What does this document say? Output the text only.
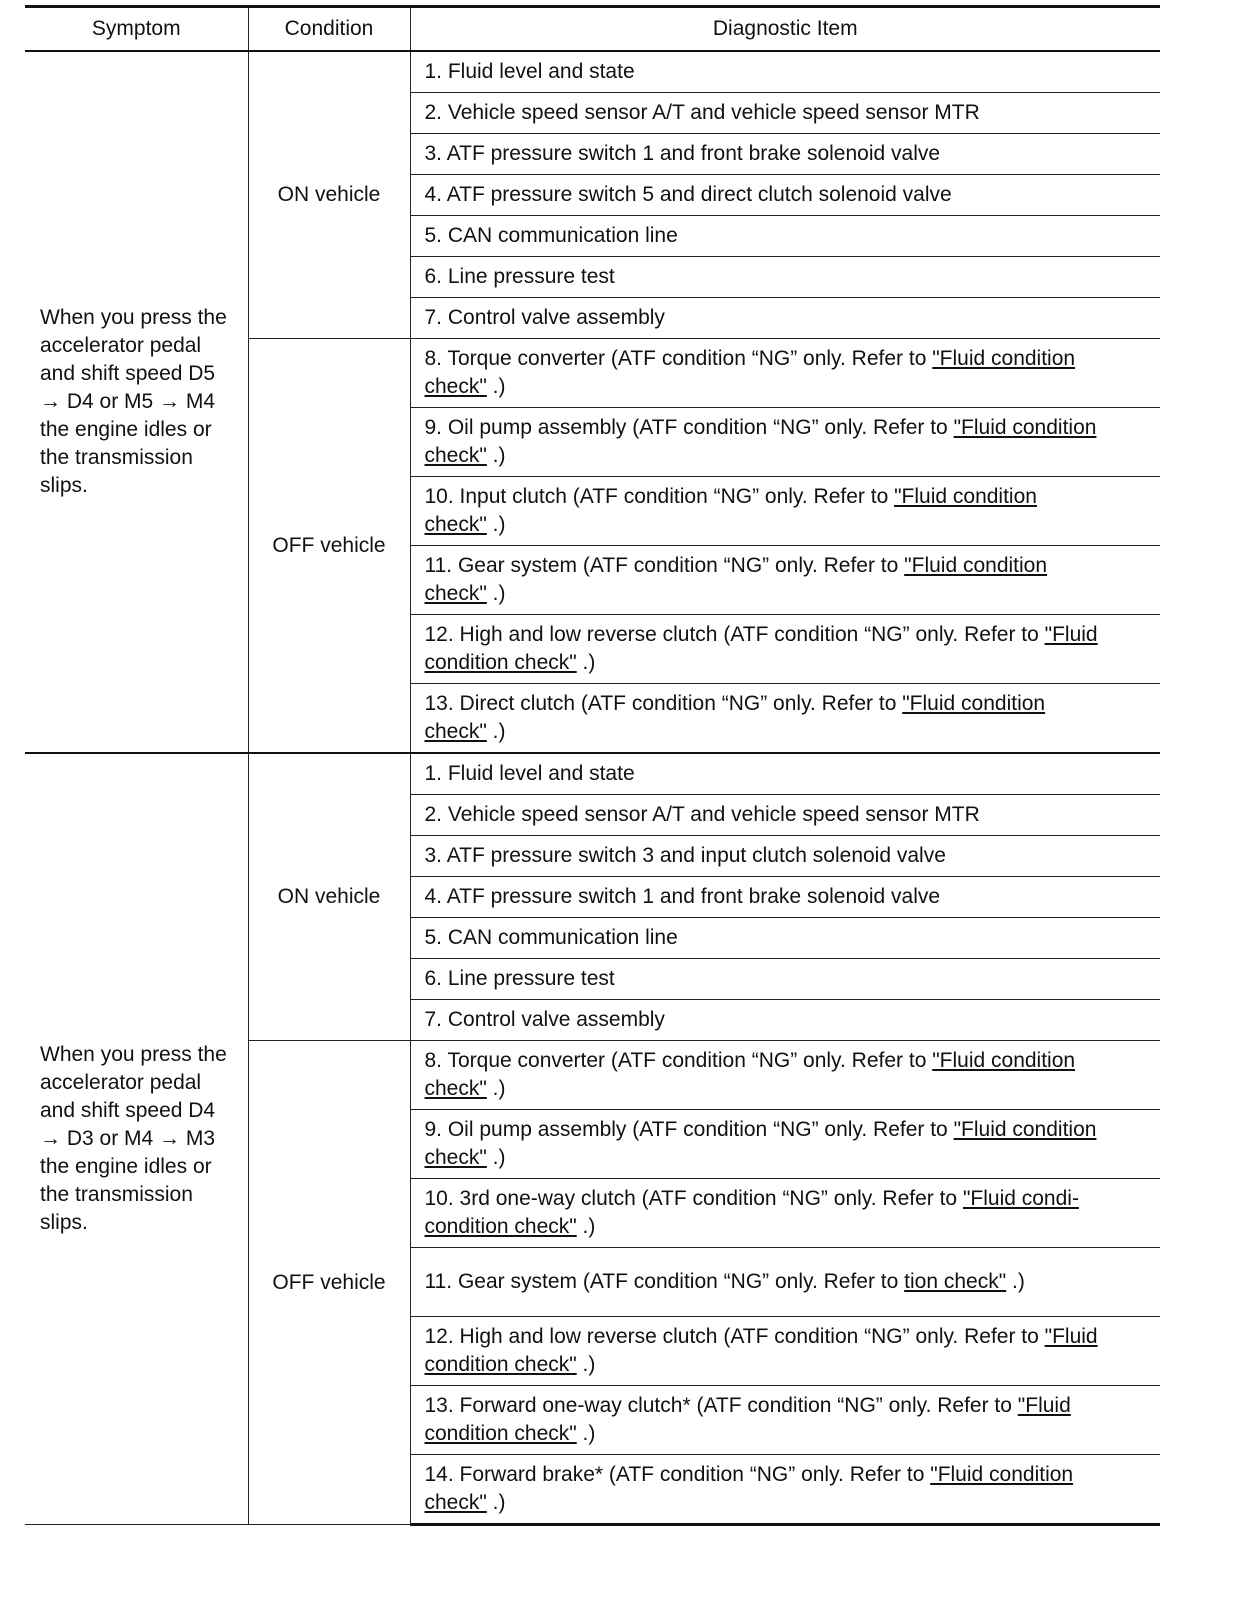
Symptom	Condition	Diagnostic Item
When you press the accelerator pedal and shift speed D5 → D4 or M5 → M4 the engine idles or the transmission slips.	ON vehicle	1. Fluid level and state
		2. Vehicle speed sensor A/T and vehicle speed sensor MTR
		3. ATF pressure switch 1 and front brake solenoid valve
		4. ATF pressure switch 5 and direct clutch solenoid valve
		5. CAN communication line
		6. Line pressure test
		7. Control valve assembly
	OFF vehicle	8. Torque converter (ATF condition “NG” only. Refer to "Fluid condition check" .)
		9. Oil pump assembly (ATF condition “NG” only. Refer to "Fluid condition check" .)
		10. Input clutch (ATF condition “NG” only. Refer to "Fluid condition check" .)
		11. Gear system (ATF condition “NG” only. Refer to "Fluid condition check" .)
		12. High and low reverse clutch (ATF condition “NG” only. Refer to "Fluid condition check" .)
		13. Direct clutch (ATF condition “NG” only. Refer to "Fluid condition check" .)
When you press the accelerator pedal and shift speed D4 → D3 or M4 → M3 the engine idles or the transmission slips.	ON vehicle	1. Fluid level and state
		2. Vehicle speed sensor A/T and vehicle speed sensor MTR
		3. ATF pressure switch 3 and input clutch solenoid valve
		4. ATF pressure switch 1 and front brake solenoid valve
		5. CAN communication line
		6. Line pressure test
		7. Control valve assembly
	OFF vehicle	8. Torque converter (ATF condition “NG” only. Refer to "Fluid condition check" .)
		9. Oil pump assembly (ATF condition “NG” only. Refer to "Fluid condition check" .)
		10. 3rd one-way clutch (ATF condition “NG” only. Refer to "Fluid condi-condition check" .)
		11. Gear system (ATF condition “NG” only. Refer to tion check" .)
		12. High and low reverse clutch (ATF condition “NG” only. Refer to "Fluid condition check" .)
		13. Forward one-way clutch* (ATF condition “NG” only. Refer to "Fluid condition check" .)
		14. Forward brake* (ATF condition “NG” only. Refer to "Fluid condition check" .)
